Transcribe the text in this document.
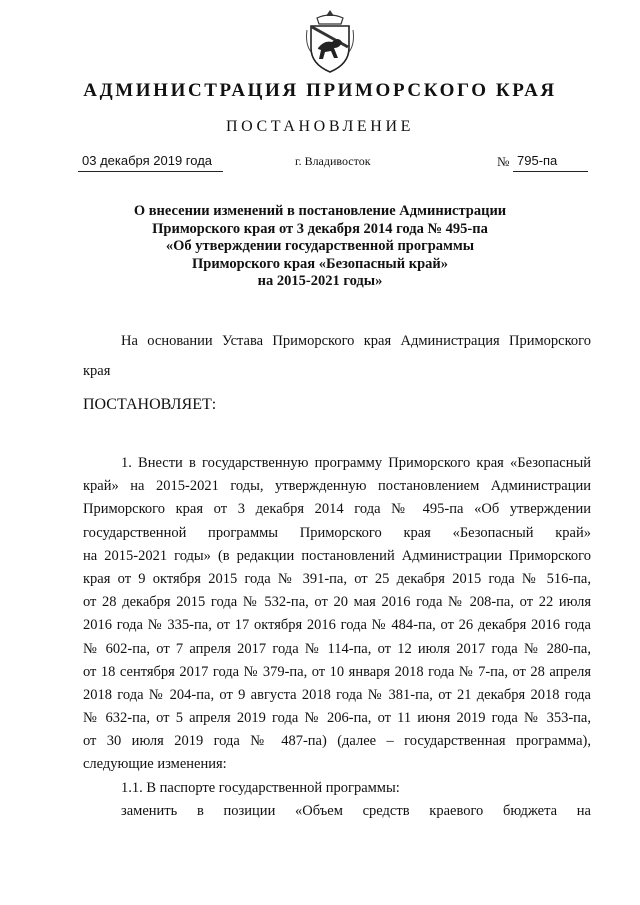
АДМИНИСТРАЦИЯ ПРИМОРСКОГО КРАЯ
ПОСТАНОВЛЕНИЕ
03 декабря 2019 года	г. Владивосток	№ 795-па
О внесении изменений в постановление Администрации
Приморского края от 3 декабря 2014 года № 495-па
«Об утверждении государственной программы
Приморского края «Безопасный край»
на 2015-2021 годы»
На основании Устава Приморского края Администрация Приморского
края
ПОСТАНОВЛЯЕТ:
1. Внести в государственную программу Приморского края «Безопасный
край» на 2015-2021 годы, утвержденную постановлением Администрации
Приморского края от 3 декабря 2014 года № 495-па «Об утверждении
государственной программы Приморского края «Безопасный край»
на 2015-2021 годы» (в редакции постановлений Администрации Приморского
края от 9 октября 2015 года № 391-па, от 25 декабря 2015 года № 516-па,
от 28 декабря 2015 года № 532-па, от 20 мая 2016 года № 208-па, от 22 июля
2016 года № 335-па, от 17 октября 2016 года № 484-па, от 26 декабря 2016 года
№ 602-па, от 7 апреля 2017 года № 114-па, от 12 июля 2017 года № 280-па,
от 18 сентября 2017 года № 379-па, от 10 января 2018 года № 7-па, от 28 апреля
2018 года № 204-па, от 9 августа 2018 года № 381-па, от 21 декабря 2018 года
№ 632-па, от 5 апреля 2019 года № 206-па, от 11 июня 2019 года № 353-па,
от 30 июля 2019 года № 487-па) (далее – государственная программа),
следующие изменения:
1.1. В паспорте государственной программы:
заменить в позиции «Объем средств краевого бюджета на
